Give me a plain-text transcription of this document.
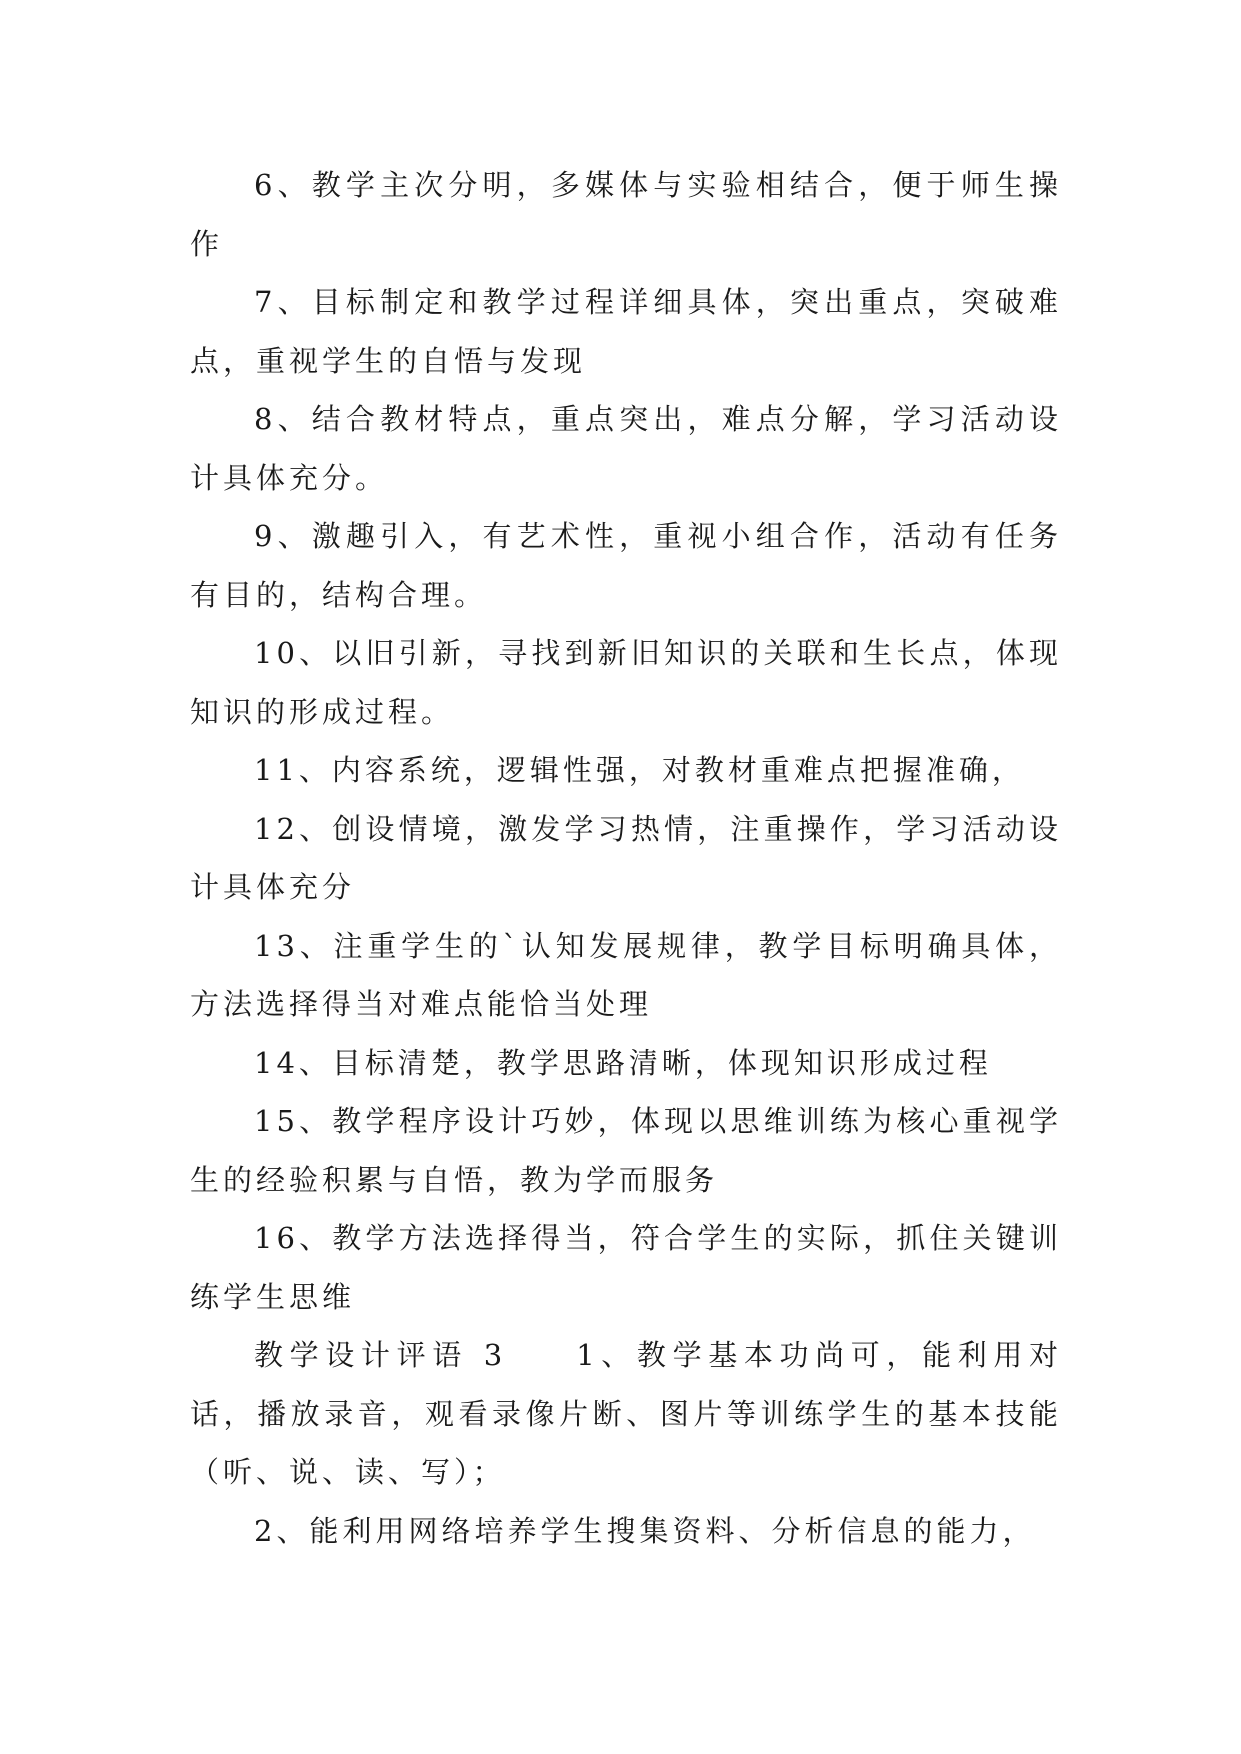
6、教学主次分明，多媒体与实验相结合，便于师生操作

7、目标制定和教学过程详细具体，突出重点，突破难点，重视学生的自悟与发现

8、结合教材特点，重点突出，难点分解，学习活动设计具体充分。

9、激趣引入，有艺术性，重视小组合作，活动有任务有目的，结构合理。

10、以旧引新，寻找到新旧知识的关联和生长点，体现知识的形成过程。

11、内容系统，逻辑性强，对教材重难点把握准确，

12、创设情境，激发学习热情，注重操作，学习活动设计具体充分

13、注重学生的`认知发展规律，教学目标明确具体，方法选择得当对难点能恰当处理

14、目标清楚，教学思路清晰，体现知识形成过程

15、教学程序设计巧妙，体现以思维训练为核心重视学生的经验积累与自悟，教为学而服务

16、教学方法选择得当，符合学生的实际，抓住关键训练学生思维

教学设计评语 3 1、教学基本功尚可，能利用对话，播放录音，观看录像片断、图片等训练学生的基本技能（听、说、读、写）；

2、能利用网络培养学生搜集资料、分析信息的能力，
